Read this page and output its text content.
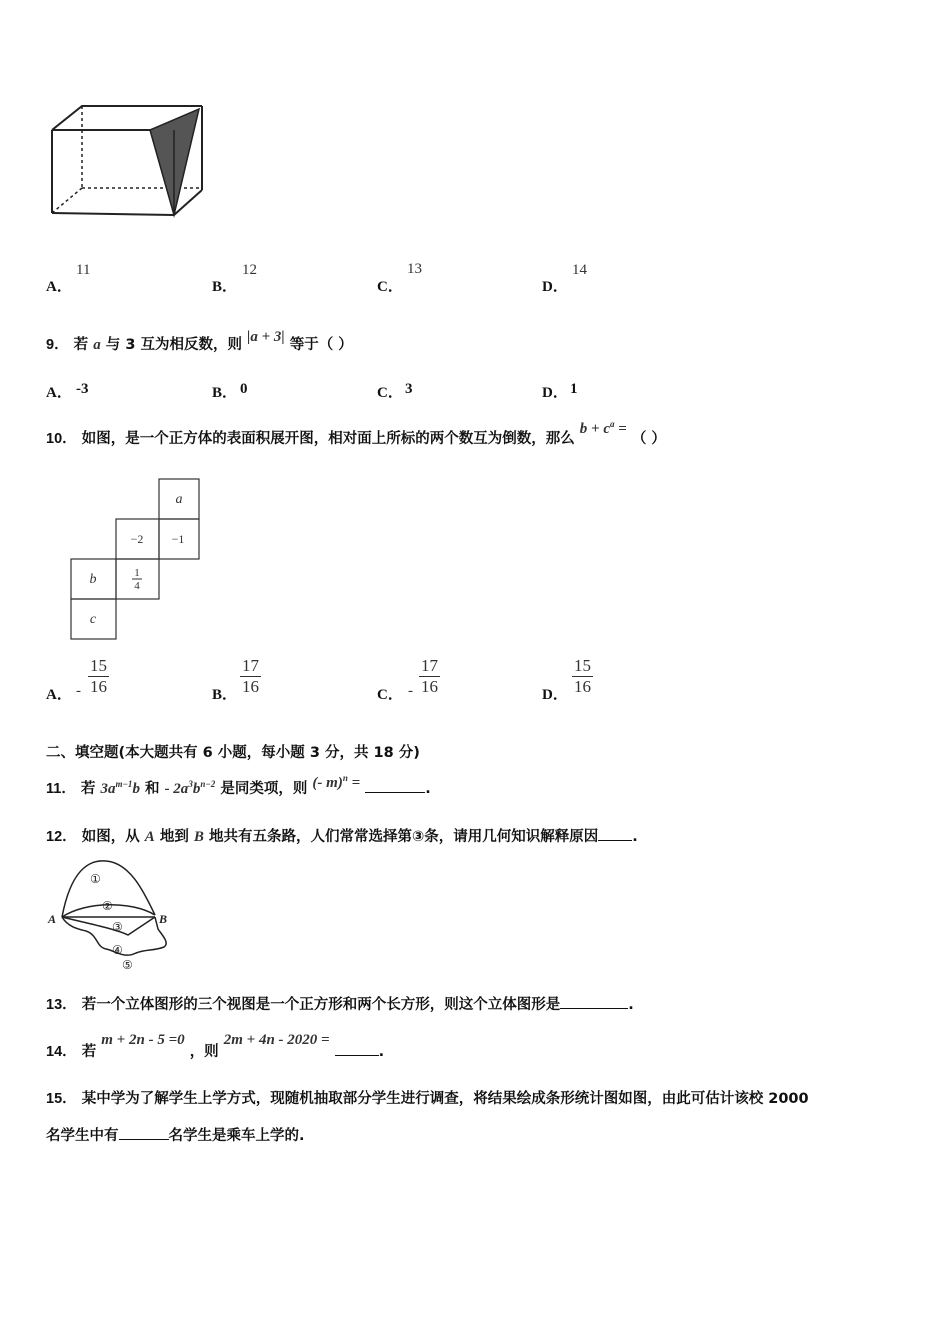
A．
11
B．
12
C．
13
D．
14
9． 若 a 与 3 互为相反数，则 |a + 3| 等于（ ）
A． -3	B． 0	C． 3	D． 1
10． 如图，是一个正方体的表面积展开图，相对面上所标的两个数互为倒数，那么 $b + c^a$ = （ ）
a
−2 −1
b	1
4
c
A． - $\frac{15}{16}$	B． $\frac{17}{16}$	C． - $\frac{17}{16}$	D． $\frac{15}{16}$
二、填空题(本大题共有 6 小题，每小题 3 分，共 18 分)
11． 若 $3a^{m-1}b$ 和 - $2a^3b^{n-2}$ 是同类项，则 (- m)$^n$ =	.
12． 如图，从 A 地到 B 地共有五条路，人们常常选择第③条，请用几何知识解释原因 .
A	B
①
②
③
④
⑤
13． 若一个立体图形的三个视图是一个正方形和两个长方形，则这个立体图形是	.
14． 若 m + 2n - 5 =0 ，则 2m + 4n - 2020 = .
15． 某中学为了解学生上学方式，现随机抽取部分学生进行调查，将结果绘成条形统计图如图，由此可估计该校 2000
名学生中有	名学生是乘车上学的.
